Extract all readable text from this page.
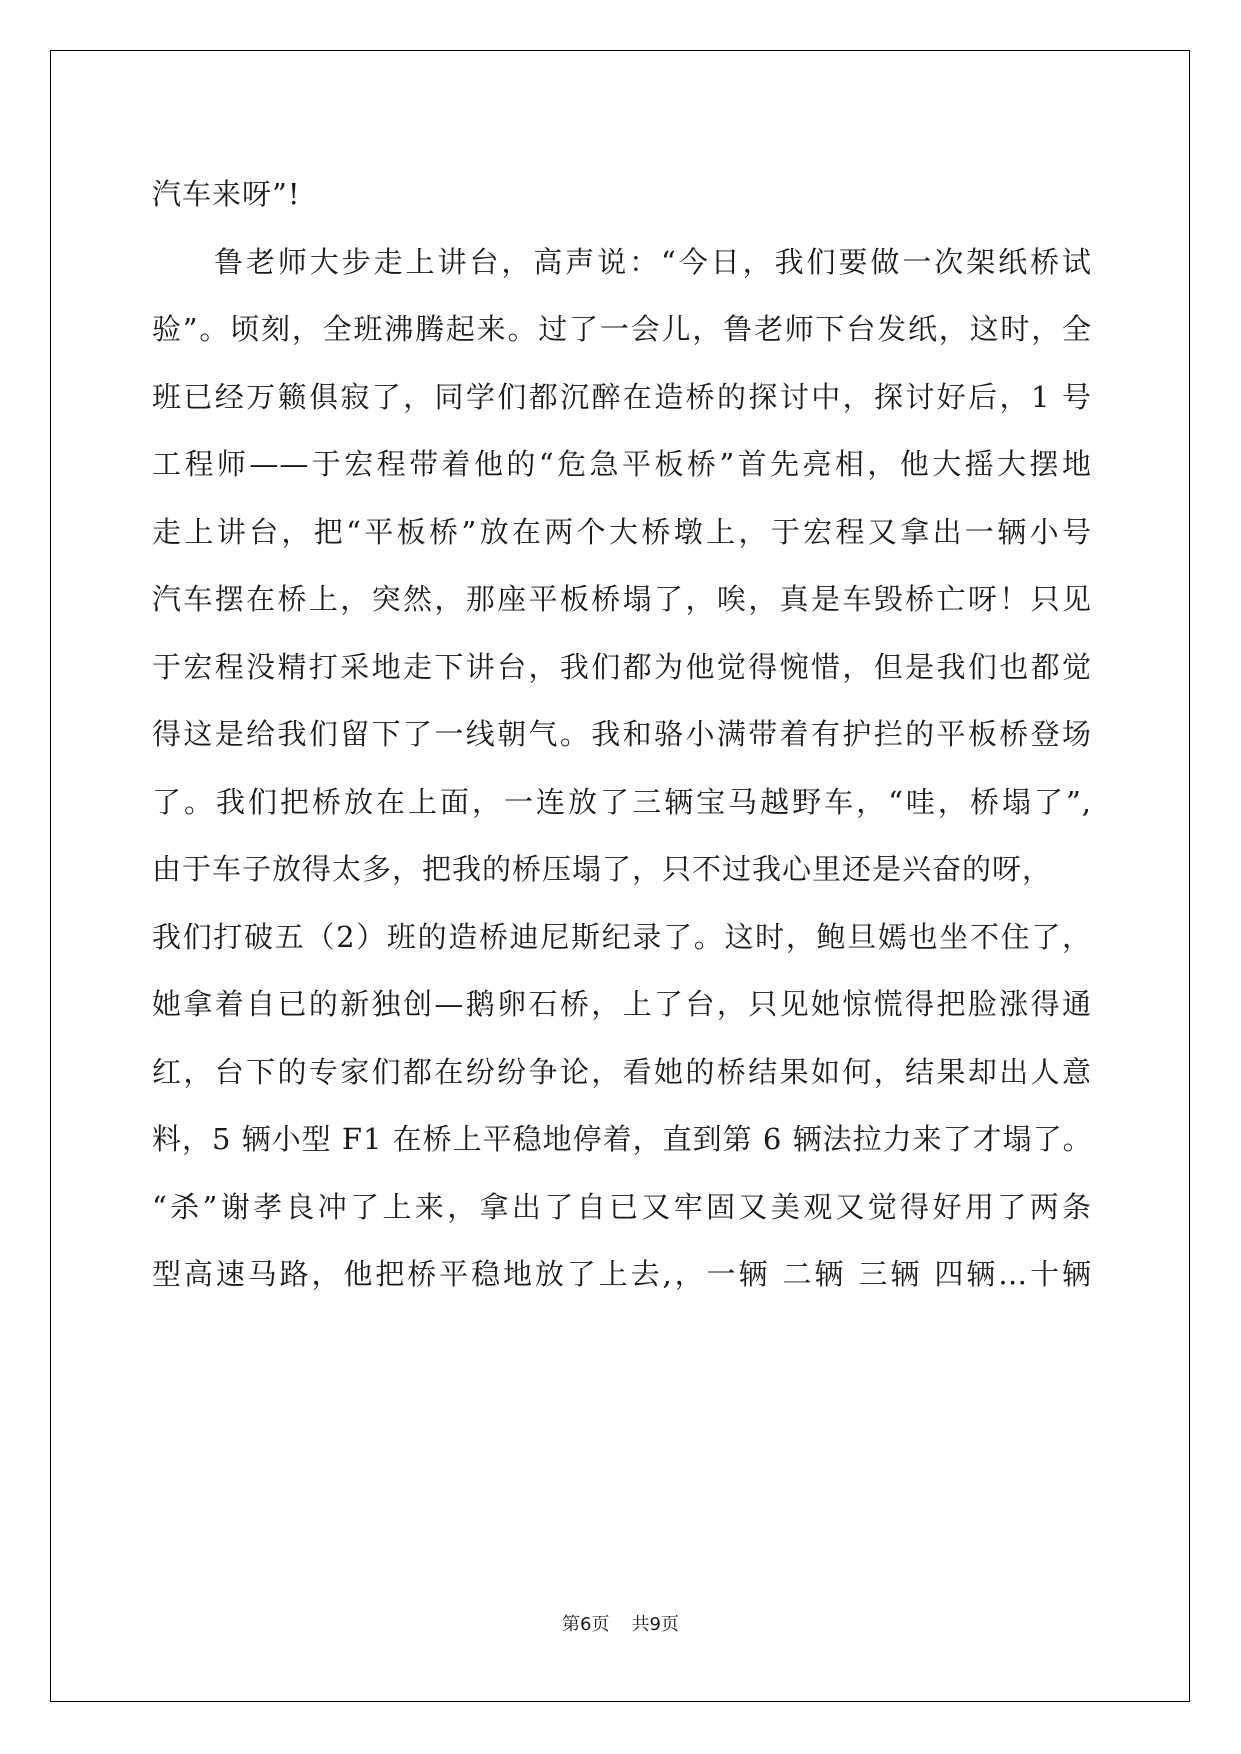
汽车来呀”!
鲁老师大步走上讲台，高声说：“今日，我们要做一次架纸桥试
验”。顷刻，全班沸腾起来。过了一会儿，鲁老师下台发纸，这时，全
班已经万籁俱寂了，同学们都沉醉在造桥的探讨中，探讨好后，1 号
工程师——于宏程带着他的“危急平板桥”首先亮相，他大摇大摆地
走上讲台，把“平板桥”放在两个大桥墩上，于宏程又拿出一辆小号
汽车摆在桥上，突然，那座平板桥塌了，唉，真是车毁桥亡呀！只见
于宏程没精打采地走下讲台，我们都为他觉得惋惜，但是我们也都觉
得这是给我们留下了一线朝气。我和骆小满带着有护拦的平板桥登场
了。我们把桥放在上面，一连放了三辆宝马越野车，“哇，桥塌了”,
由于车子放得太多，把我的桥压塌了，只不过我心里还是兴奋的呀，
我们打破五（2）班的造桥迪尼斯纪录了。这时，鲍旦嫣也坐不住了，
她拿着自已的新独创—鹅卵石桥，上了台，只见她惊慌得把脸涨得通
红，台下的专家们都在纷纷争论，看她的桥结果如何，结果却出人意
料，5 辆小型 F1 在桥上平稳地停着，直到第 6 辆法拉力来了才塌了。
“杀”谢孝良冲了上来，拿出了自已又牢固又美观又觉得好用了两条
型高速马路，他把桥平稳地放了上去,，一辆 二辆 三辆 四辆…十辆
第6页 共9页
